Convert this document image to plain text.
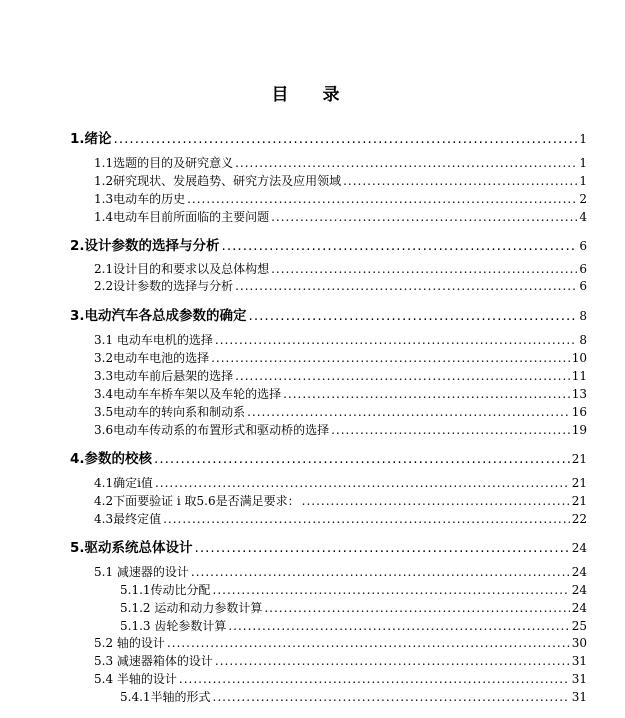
目 录
1.绪论 .....	1
1.1选题的目的及研究意义 .....	1
1.2研究现状、发展趋势、研究方法及应用领域 .....	1
1.3电动车的历史 .....	2
1.4电动车目前所面临的主要问题 .....	4
2.设计参数的选择与分析 .....	6
2.1设计目的和要求以及总体构想 .....	6
2.2设计参数的选择与分析 .....	6
3.电动汽车各总成参数的确定 .....	8
3.1 电动车电机的选择 .....	8
3.2电动车电池的选择 .....	10
3.3电动车前后悬架的选择 .....	11
3.4电动车车桥车架以及车轮的选择 .....	13
3.5电动车的转向系和制动系 .....	16
3.6电动车传动系的布置形式和驱动桥的选择 .....	19
4.参数的校核 .....	21
4.1确定i值 .....	21
4.2下面要验证 i 取5.6是否满足要求： .....	21
4.3最终定值 .....	22
5.驱动系统总体设计 .....	24
5.1 减速器的设计 .....	24
5.1.1传动比分配 .....	24
5.1.2 运动和动力参数计算 .....	24
5.1.3 齿轮参数计算 .....	25
5.2 轴的设计 .....	30
5.3 减速器箱体的设计 .....	31
5.4 半轴的设计 .....	31
5.4.1半轴的形式 .....	31
